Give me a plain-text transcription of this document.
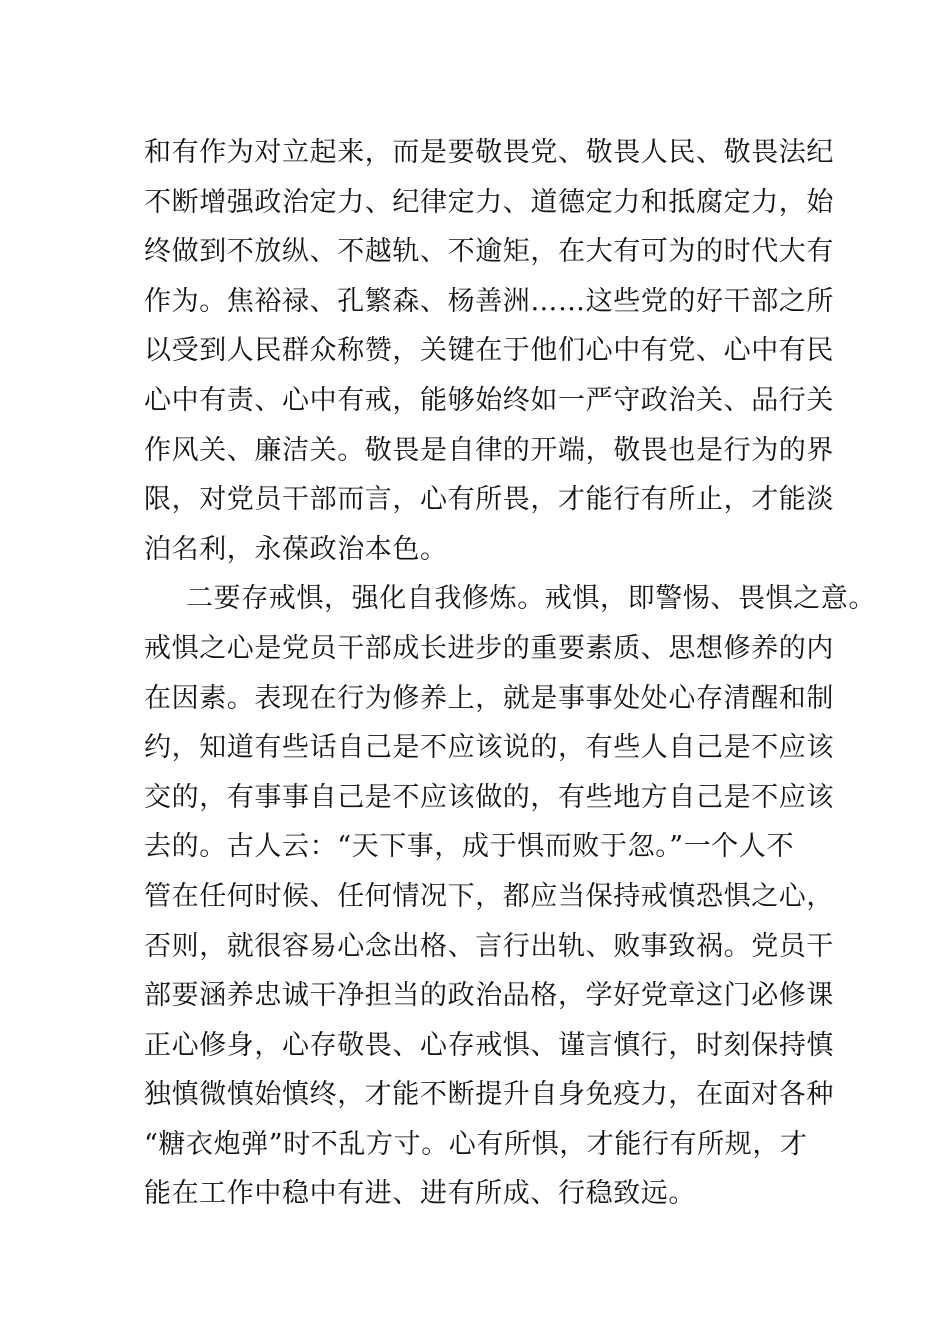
和有作为对立起来，而是要敬畏党、敬畏人民、敬畏法纪
不断增强政治定力、纪律定力、道德定力和抵腐定力，始
终做到不放纵、不越轨、不逾矩，在大有可为的时代大有
作为。焦裕禄、孔繁森、杨善洲……这些党的好干部之所
以受到人民群众称赞，关键在于他们心中有党、心中有民
心中有责、心中有戒，能够始终如一严守政治关、品行关
作风关、廉洁关。敬畏是自律的开端，敬畏也是行为的界
限，对党员干部而言，心有所畏，才能行有所止，才能淡
泊名利，永葆政治本色。
二要存戒惧，强化自我修炼。戒惧，即警惕、畏惧之意。
戒惧之心是党员干部成长进步的重要素质、思想修养的内
在因素。表现在行为修养上，就是事事处处心存清醒和制
约，知道有些话自己是不应该说的，有些人自己是不应该
交的，有事事自己是不应该做的，有些地方自己是不应该
去的。古人云：“天下事，成于惧而败于忽。”一个人不
管在任何时候、任何情况下，都应当保持戒慎恐惧之心，
否则，就很容易心念出格、言行出轨、败事致祸。党员干
部要涵养忠诚干净担当的政治品格，学好党章这门必修课
正心修身，心存敬畏、心存戒惧、谨言慎行，时刻保持慎
独慎微慎始慎终，才能不断提升自身免疫力，在面对各种
“糖衣炮弹”时不乱方寸。心有所惧，才能行有所规，才
能在工作中稳中有进、进有所成、行稳致远。
